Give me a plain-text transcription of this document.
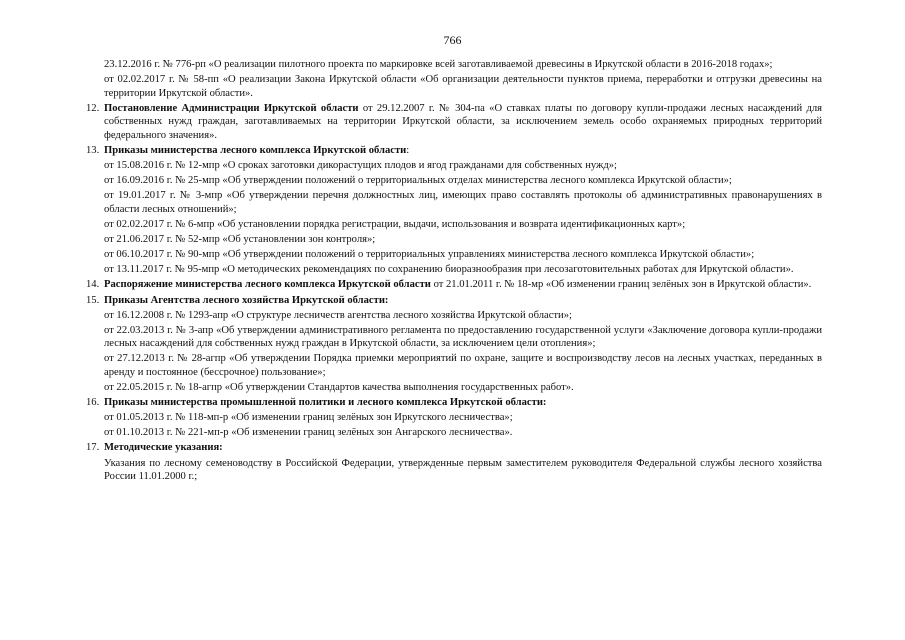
766

23.12.2016 г. № 776-рп «О реализации пилотного проекта по маркировке всей заготавливаемой древесины в Иркутской области в 2016-2018 годах»;

от 02.02.2017 г. № 58-пп «О реализации Закона Иркутской области «Об организации деятельности пунктов приема, переработки и отгрузки древесины на территории Иркутской области».

12. Постановление Администрации Иркутской области от 29.12.2007 г. № 304-па «О ставках платы по договору купли-продажи лесных насаждений для собственных нужд граждан, заготавливаемых на территории Иркутской области, за исключением земель особо охраняемых природных территорий федерального значения».
13. Приказы министерства лесного комплекса Иркутской области:

от 15.08.2016 г. № 12-мпр «О сроках заготовки дикорастущих плодов и ягод гражданами для собственных нужд»;

от 16.09.2016 г. № 25-мпр «Об утверждении положений о территориальных отделах министерства лесного комплекса Иркутской области»;

от 19.01.2017 г. № 3-мпр «Об утверждении перечня должностных лиц, имеющих право составлять протоколы об административных правонарушениях в области лесных отношений»;

от 02.02.2017 г. № 6-мпр «Об установлении порядка регистрации, выдачи, использования и возврата идентификационных карт»;

от 21.06.2017 г. № 52-мпр «Об установлении зон контроля»;

от 06.10.2017 г. № 90-мпр «Об утверждении положений о территориальных управлениях министерства лесного комплекса Иркутской области»;

от 13.11.2017 г. № 95-мпр «О методических рекомендациях по сохранению биоразнообразия при лесозаготовительных работах для Иркутской области».

14. Распоряжение министерства лесного комплекса Иркутской области от 21.01.2011 г. № 18-мр «Об изменении границ зелёных зон в Иркутской области».
15. Приказы Агентства лесного хозяйства Иркутской области:

от 16.12.2008 г. № 1293-апр «О структуре лесничеств агентства лесного хозяйства Иркутской области»;

от 22.03.2013 г. № 3-апр «Об утверждении административного регламента по предоставлению государственной услуги «Заключение договора купли-продажи лесных насаждений для собственных нужд граждан в Иркутской области, за исключением цели отопления»;

от 27.12.2013 г. № 28-агпр «Об утверждении Порядка приемки мероприятий по охране, защите и воспроизводству лесов на лесных участках, переданных в аренду и постоянное (бессрочное) пользование»;

от 22.05.2015 г. № 18-агпр «Об утверждении Стандартов качества выполнения государственных работ».

16. Приказы министерства промышленной политики и лесного комплекса Иркутской области:

от 01.05.2013 г. № 118-мп-р «Об изменении границ зелёных зон Иркутского лесничества»;

от 01.10.2013 г. № 221-мп-р «Об изменении границ зелёных зон Ангарского лесничества».

17. Методические указания:

Указания по лесному семеноводству в Российской Федерации, утвержденные первым заместителем руководителя Федеральной службы лесного хозяйства России 11.01.2000 г.;
